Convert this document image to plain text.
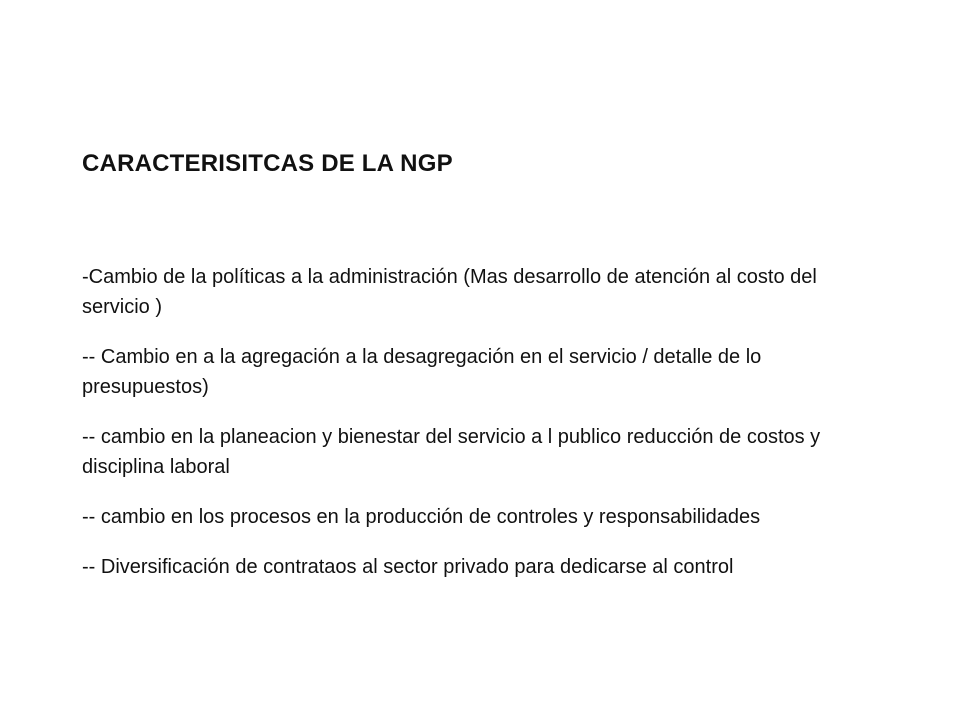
CARACTERISITCAS DE LA NGP
-Cambio de la políticas a la administración (Mas desarrollo de atención al costo del servicio )
-- Cambio en a la agregación a la desagregación en el servicio / detalle de lo presupuestos)
-- cambio en la planeacion y bienestar del servicio a l publico reducción de costos y disciplina laboral
-- cambio en los procesos en la producción de controles y responsabilidades
-- Diversificación de contrataos al sector privado para dedicarse al control
